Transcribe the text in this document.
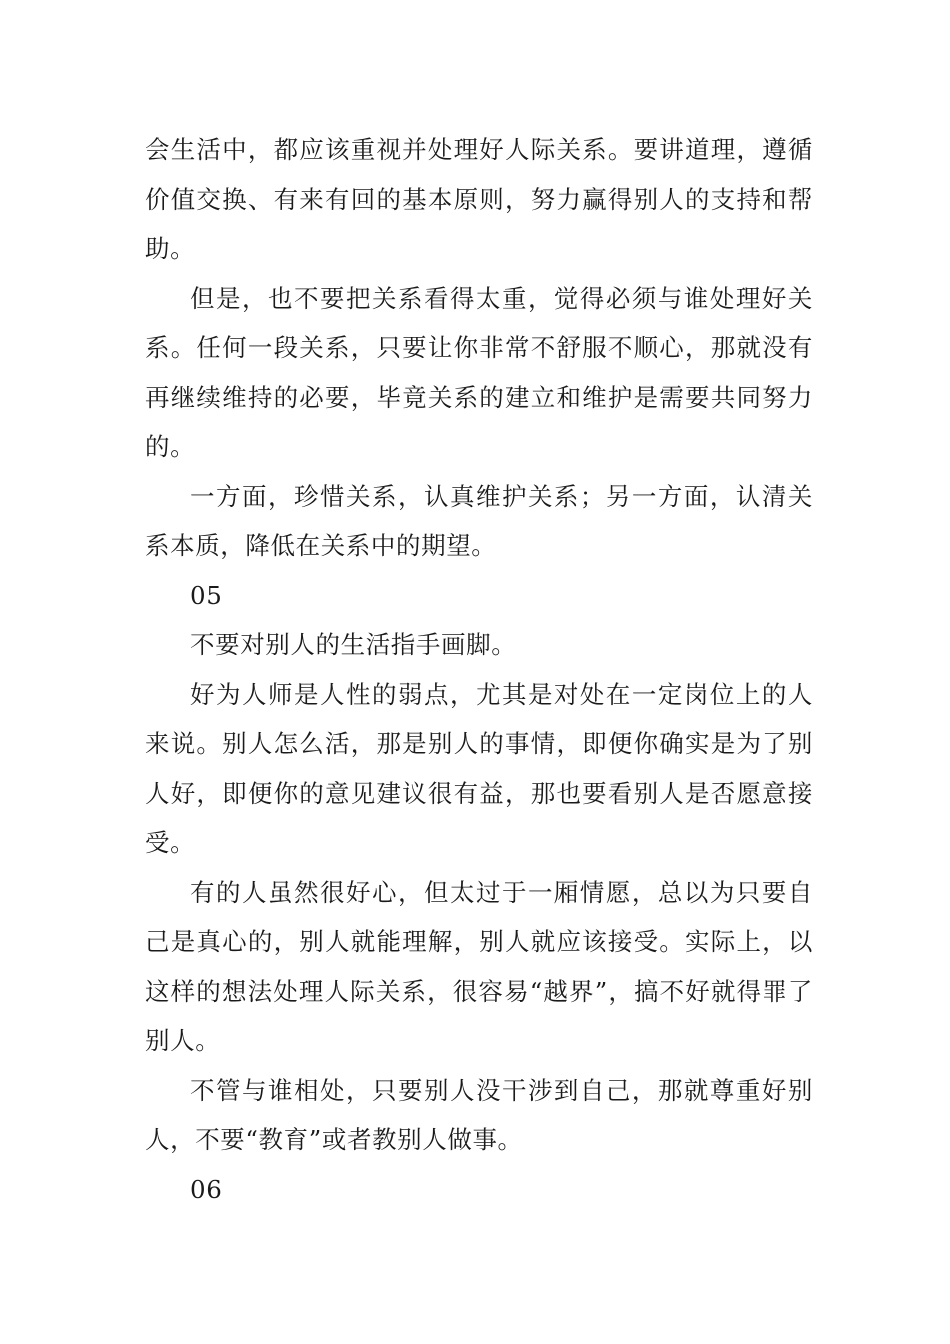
会生活中，都应该重视并处理好人际关系。要讲道理，遵循价值交换、有来有回的基本原则，努力赢得别人的支持和帮助。

但是，也不要把关系看得太重，觉得必须与谁处理好关系。任何一段关系，只要让你非常不舒服不顺心，那就没有再继续维持的必要，毕竟关系的建立和维护是需要共同努力的。

一方面，珍惜关系，认真维护关系；另一方面，认清关系本质，降低在关系中的期望。

05

不要对别人的生活指手画脚。

好为人师是人性的弱点，尤其是对处在一定岗位上的人来说。别人怎么活，那是别人的事情，即便你确实是为了别人好，即便你的意见建议很有益，那也要看别人是否愿意接受。

有的人虽然很好心，但太过于一厢情愿，总以为只要自己是真心的，别人就能理解，别人就应该接受。实际上，以这样的想法处理人际关系，很容易“越界”，搞不好就得罪了别人。

不管与谁相处，只要别人没干涉到自己，那就尊重好别人，不要“教育”或者教别人做事。

06
